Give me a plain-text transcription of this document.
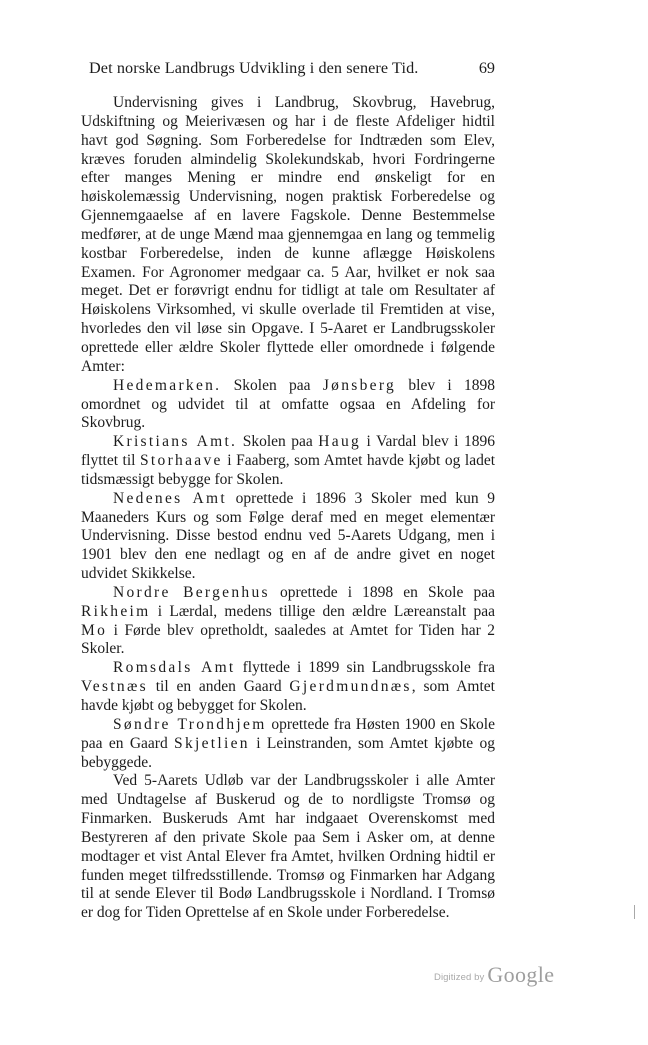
Det norske Landbrugs Udvikling i den senere Tid.	69

Undervisning gives i Landbrug, Skovbrug, Havebrug, Udskiftning og Meierivæsen og har i de fleste Afdeliger hidtil havt god Søgning. Som Forberedelse for Indtræden som Elev, kræves foruden almindelig Skolekundskab, hvori Fordringerne efter manges Mening er mindre end ønskeligt for en høiskolemæssig Undervisning, nogen praktisk Forberedelse og Gjennemgaaelse af en lavere Fagskole. Denne Bestemmelse medfører, at de unge Mænd maa gjennemgaa en lang og temmelig kostbar Forberedelse, inden de kunne aflægge Høiskolens Examen. For Agronomer medgaar ca. 5 Aar, hvilket er nok saa meget. Det er forøvrigt endnu for tidligt at tale om Resultater af Høiskolens Virksomhed, vi skulle overlade til Fremtiden at vise, hvorledes den vil løse sin Opgave. I 5-Aaret er Landbrugsskoler oprettede eller ældre Skoler flyttede eller omordnede i følgende Amter:

Hedemarken. Skolen paa Jønsberg blev i 1898 omordnet og udvidet til at omfatte ogsaa en Afdeling for Skovbrug.

Kristians Amt. Skolen paa Haug i Vardal blev i 1896 flyttet til Storhaave i Faaberg, som Amtet havde kjøbt og ladet tidsmæssigt bebygge for Skolen.

Nedenes Amt oprettede i 1896 3 Skoler med kun 9 Maaneders Kurs og som Følge deraf med en meget elementær Undervisning. Disse bestod endnu ved 5-Aarets Udgang, men i 1901 blev den ene nedlagt og en af de andre givet en noget udvidet Skikkelse.

Nordre Bergenhus oprettede i 1898 en Skole paa Rikheim i Lærdal, medens tillige den ældre Læreanstalt paa Mo i Førde blev opretholdt, saaledes at Amtet for Tiden har 2 Skoler.

Romsdals Amt flyttede i 1899 sin Landbrugsskole fra Vestnæs til en anden Gaard Gjerdmundnæs, som Amtet havde kjøbt og bebygget for Skolen.

Søndre Trondhjem oprettede fra Høsten 1900 en Skole paa en Gaard Skjetlien i Leinstranden, som Amtet kjøbte og bebyggede.

Ved 5-Aarets Udløb var der Landbrugsskoler i alle Amter med Undtagelse af Buskerud og de to nordligste Tromsø og Finmarken. Buskeruds Amt har indgaaet Overenskomst med Bestyreren af den private Skole paa Sem i Asker om, at denne modtager et vist Antal Elever fra Amtet, hvilken Ordning hidtil er funden meget tilfredsstillende. Tromsø og Finmarken har Adgang til at sende Elever til Bodø Landbrugsskole i Nordland. I Tromsø er dog for Tiden Oprettelse af en Skole under Forberedelse.

Digitized by Google
